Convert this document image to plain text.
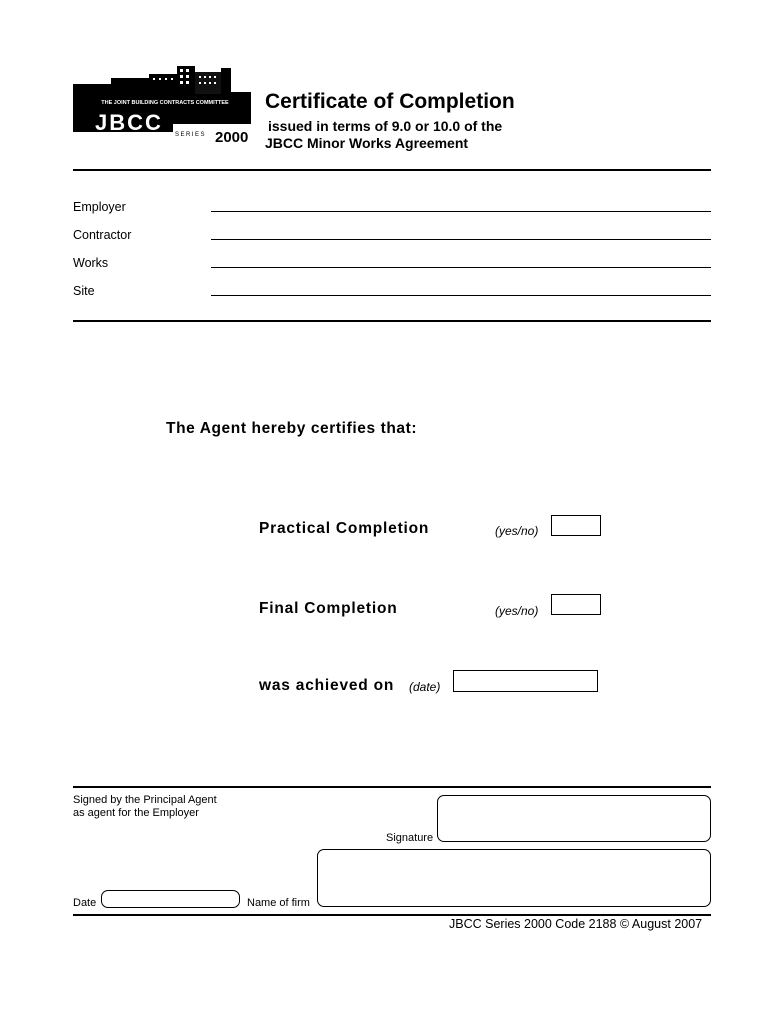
THE JOINT BUILDING CONTRACTS COMMITTEE
JBCC SERIES 2000
Certificate of Completion
issued in terms of 9.0 or 10.0 of the
JBCC Minor Works Agreement
Employer
Contractor
Works
Site
The Agent hereby certifies that:
Practical Completion	(yes/no)
Final Completion	(yes/no)
was achieved on (date)
Signed by the Principal Agent
as agent for the Employer
Signature
Date	Name of firm
JBCC Series 2000 Code 2188 © August 2007
